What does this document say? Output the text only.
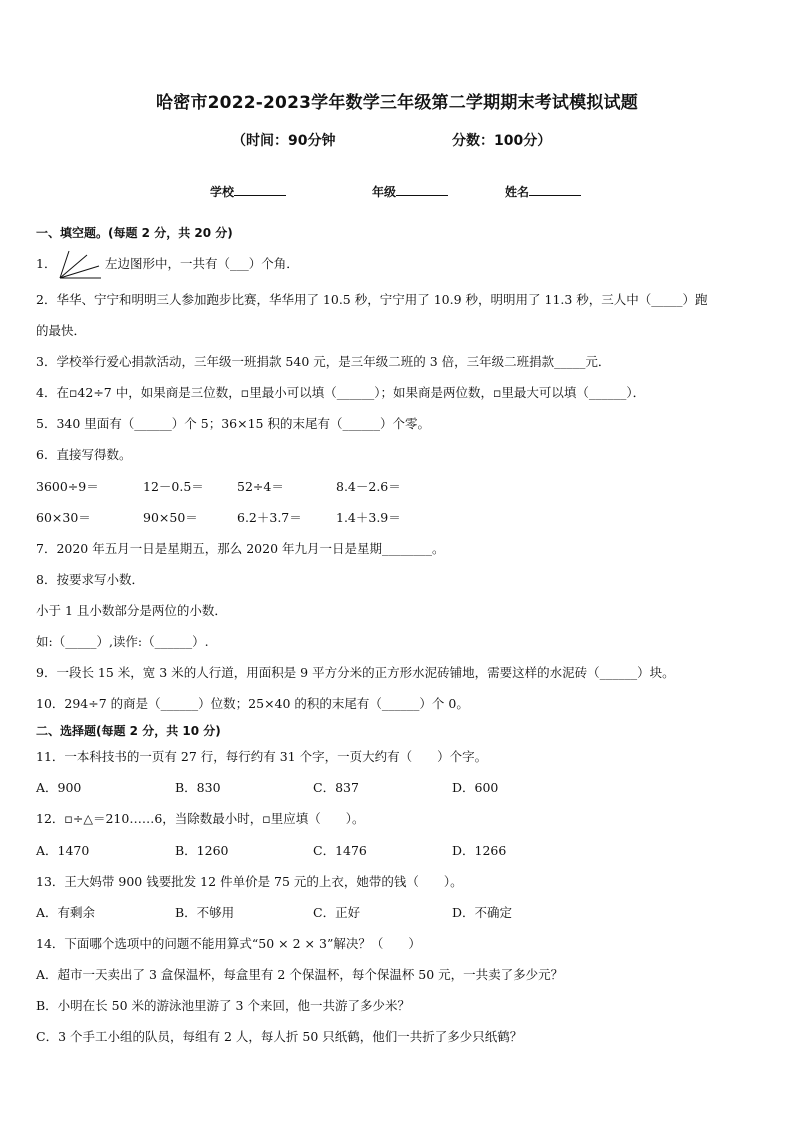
哈密市2022-2023学年数学三年级第二学期期末考试模拟试题
（时间：90分钟	分数：100分）
学校	年级	姓名
一、填空题。(每题 2 分，共 20 分)
1．	左边图形中，一共有（___）个角．
2．华华、宁宁和明明三人参加跑步比赛，华华用了 10.5 秒，宁宁用了 10.9 秒，明明用了 11.3 秒，三人中（_____）跑
的最快．
3．学校举行爱心捐款活动，三年级一班捐款 540 元，是三年级二班的 3 倍，三年级二班捐款_____元．
4．在▫42÷7 中，如果商是三位数，▫里最小可以填（______）；如果商是两位数，▫里最大可以填（______）．
5．340 里面有（______）个 5；36×15 积的末尾有（______）个零。
6．直接写得数。
3600÷9＝	12－0.5＝	52÷4＝	8.4－2.6＝
60×30＝	90×50＝	6.2＋3.7＝	1.4＋3.9＝
7．2020 年五月一日是星期五，那么 2020 年九月一日是星期________。
8．按要求写小数．
小于 1 且小数部分是两位的小数．
如:（_____）,读作:（______）.
9．一段长 15 米，宽 3 米的人行道，用面积是 9 平方分米的正方形水泥砖铺地，需要这样的水泥砖（______）块。
10．294÷7 的商是（______）位数；25×40 的积的末尾有（______）个 0。
二、选择题(每题 2 分，共 10 分)
11．一本科技书的一页有 27 行，每行约有 31 个字，一页大约有（　　）个字。
A．900	B．830	C．837	D．600
12．▫÷△＝210……6，当除数最小时，▫里应填（　　）。
A．1470	B．1260	C．1476	D．1266
13．王大妈带 900 钱要批发 12 件单价是 75 元的上衣，她带的钱（　　）。
A．有剩余	B．不够用	C．正好	D．不确定
14．下面哪个选项中的问题不能用算式“50 × 2 × 3”解决？（　　）
A．超市一天卖出了 3 盒保温杯，每盒里有 2 个保温杯，每个保温杯 50 元，一共卖了多少元？
B．小明在长 50 米的游泳池里游了 3 个来回，他一共游了多少米？
C．3 个手工小组的队员，每组有 2 人，每人折 50 只纸鹤，他们一共折了多少只纸鹤？
